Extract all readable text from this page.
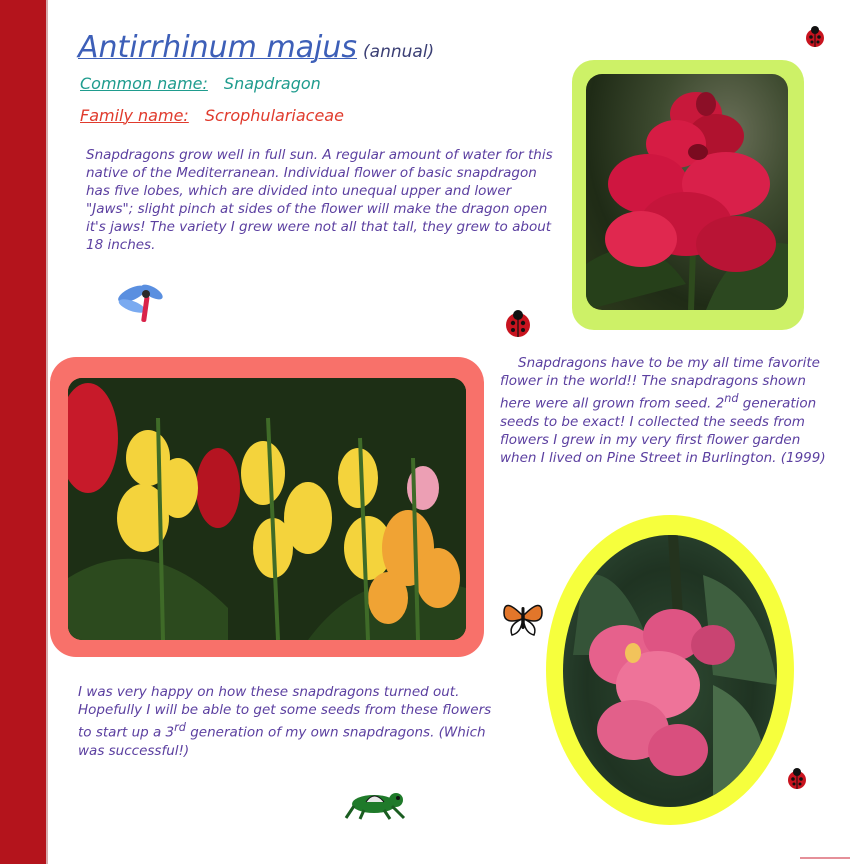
Antirrhinum majus (annual)
Common name: Snapdragon
Family name: Scrophulariaceae

Snapdragons grow well in full sun. A regular amount of water for this native of the Mediterranean. Individual flower of basic snapdragon has five lobes, which are divided into unequal upper and lower "Jaws"; slight pinch at sides of the flower will make the dragon open it's jaws! The variety I grew were not all that tall, they grew to about 18 inches.

Snapdragons have to be my all time favorite flower in the world!! The snapdragons shown here were all grown from seed. 2nd generation seeds to be exact! I collected the seeds from flowers I grew in my very first flower garden when I lived on Pine Street in Burlington. (1999)

I was very happy on how these snapdragons turned out. Hopefully I will be able to get some seeds from these flowers to start up a 3rd generation of my own snapdragons. (Which was successful!)
